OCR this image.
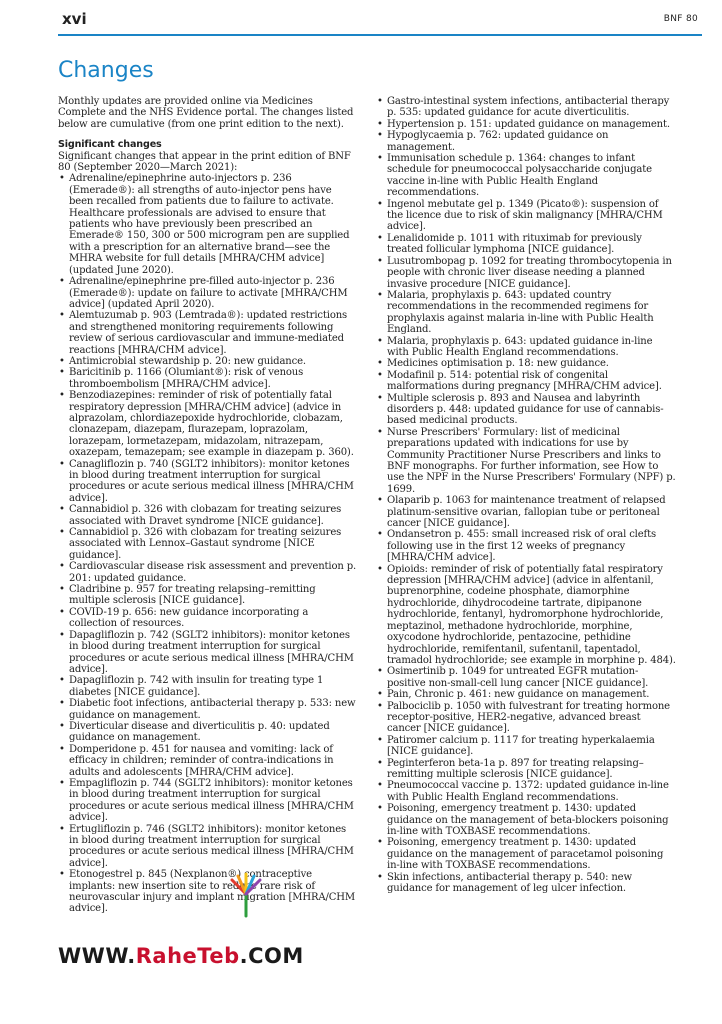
xvi	BNF 80
Changes

Monthly updates are provided online via Medicines Complete and the NHS Evidence portal. The changes listed below are cumulative (from one print edition to the next).

Significant changes

Significant changes that appear in the print edition of BNF 80 (September 2020—March 2021):

• Adrenaline/epinephrine auto-injectors p. 236 (Emerade®): all strengths of auto-injector pens have been recalled from patients due to failure to activate. Healthcare professionals are advised to ensure that patients who have previously been prescribed an Emerade® 150, 300 or 500 microgram pen are supplied with a prescription for an alternative brand—see the MHRA website for full details [MHRA/CHM advice] (updated June 2020).
• Adrenaline/epinephrine pre-filled auto-injector p. 236 (Emerade®): update on failure to activate [MHRA/CHM advice] (updated April 2020).
• Alemtuzumab p. 903 (Lemtrada®): updated restrictions and strengthened monitoring requirements following review of serious cardiovascular and immune-mediated reactions [MHRA/CHM advice].
• Antimicrobial stewardship p. 20: new guidance.
• Baricitinib p. 1166 (Olumiant®): risk of venous thromboembolism [MHRA/CHM advice].
• Benzodiazepines: reminder of risk of potentially fatal respiratory depression [MHRA/CHM advice] (advice in alprazolam, chlordiazepoxide hydrochloride, clobazam, clonazepam, diazepam, flurazepam, loprazolam, lorazepam, lormetazepam, midazolam, nitrazepam, oxazepam, temazepam; see example in diazepam p. 360).
• Canagliflozin p. 740 (SGLT2 inhibitors): monitor ketones in blood during treatment interruption for surgical procedures or acute serious medical illness [MHRA/CHM advice].
• Cannabidiol p. 326 with clobazam for treating seizures associated with Dravet syndrome [NICE guidance].
• Cannabidiol p. 326 with clobazam for treating seizures associated with Lennox–Gastaut syndrome [NICE guidance].
• Cardiovascular disease risk assessment and prevention p. 201: updated guidance.
• Cladribine p. 957 for treating relapsing–remitting multiple sclerosis [NICE guidance].
• COVID-19 p. 656: new guidance incorporating a collection of resources.
• Dapagliflozin p. 742 (SGLT2 inhibitors): monitor ketones in blood during treatment interruption for surgical procedures or acute serious medical illness [MHRA/CHM advice].
• Dapagliflozin p. 742 with insulin for treating type 1 diabetes [NICE guidance].
• Diabetic foot infections, antibacterial therapy p. 533: new guidance on management.
• Diverticular disease and diverticulitis p. 40: updated guidance on management.
• Domperidone p. 451 for nausea and vomiting: lack of efficacy in children; reminder of contra-indications in adults and adolescents [MHRA/CHM advice].
• Empagliflozin p. 744 (SGLT2 inhibitors): monitor ketones in blood during treatment interruption for surgical procedures or acute serious medical illness [MHRA/CHM advice].
• Ertugliflozin p. 746 (SGLT2 inhibitors): monitor ketones in blood during treatment interruption for surgical procedures or acute serious medical illness [MHRA/CHM advice].
• Etonogestrel p. 845 (Nexplanon®) contraceptive implants: new insertion site to reduce rare risk of neurovascular injury and implant migration [MHRA/CHM advice].
• Gastro-intestinal system infections, antibacterial therapy p. 535: updated guidance for acute diverticulitis.
• Hypertension p. 151: updated guidance on management.
• Hypoglycaemia p. 762: updated guidance on management.
• Immunisation schedule p. 1364: changes to infant schedule for pneumococcal polysaccharide conjugate vaccine in-line with Public Health England recommendations.
• Ingenol mebutate gel p. 1349 (Picato®): suspension of the licence due to risk of skin malignancy [MHRA/CHM advice].
• Lenalidomide p. 1011 with rituximab for previously treated follicular lymphoma [NICE guidance].
• Lusutrombopag p. 1092 for treating thrombocytopenia in people with chronic liver disease needing a planned invasive procedure [NICE guidance].
• Malaria, prophylaxis p. 643: updated country recommendations in the recommended regimens for prophylaxis against malaria in-line with Public Health England.
• Malaria, prophylaxis p. 643: updated guidance in-line with Public Health England recommendations.
• Medicines optimisation p. 18: new guidance.
• Modafinil p. 514: potential risk of congenital malformations during pregnancy [MHRA/CHM advice].
• Multiple sclerosis p. 893 and Nausea and labyrinth disorders p. 448: updated guidance for use of cannabis-based medicinal products.
• Nurse Prescribers' Formulary: list of medicinal preparations updated with indications for use by Community Practitioner Nurse Prescribers and links to BNF monographs. For further information, see How to use the NPF in the Nurse Prescribers' Formulary (NPF) p. 1699.
• Olaparib p. 1063 for maintenance treatment of relapsed platinum-sensitive ovarian, fallopian tube or peritoneal cancer [NICE guidance].
• Ondansetron p. 455: small increased risk of oral clefts following use in the first 12 weeks of pregnancy [MHRA/CHM advice].
• Opioids: reminder of risk of potentially fatal respiratory depression [MHRA/CHM advice] (advice in alfentanil, buprenorphine, codeine phosphate, diamorphine hydrochloride, dihydrocodeine tartrate, dipipanone hydrochloride, fentanyl, hydromorphone hydrochloride, meptazinol, methadone hydrochloride, morphine, oxycodone hydrochloride, pentazocine, pethidine hydrochloride, remifentanil, sufentanil, tapentadol, tramadol hydrochloride; see example in morphine p. 484).
• Osimertinib p. 1049 for untreated EGFR mutation-positive non-small-cell lung cancer [NICE guidance].
• Pain, Chronic p. 461: new guidance on management.
• Palbociclib p. 1050 with fulvestrant for treating hormone receptor-positive, HER2-negative, advanced breast cancer [NICE guidance].
• Patiromer calcium p. 1117 for treating hyperkalaemia [NICE guidance].
• Peginterferon beta-1a p. 897 for treating relapsing–remitting multiple sclerosis [NICE guidance].
• Pneumococcal vaccine p. 1372: updated guidance in-line with Public Health England recommendations.
• Poisoning, emergency treatment p. 1430: updated guidance on the management of beta-blockers poisoning in-line with TOXBASE recommendations.
• Poisoning, emergency treatment p. 1430: updated guidance on the management of paracetamol poisoning in-line with TOXBASE recommendations.
• Skin infections, antibacterial therapy p. 540: new guidance for management of leg ulcer infection.
WWW.RaheTeb.COM
